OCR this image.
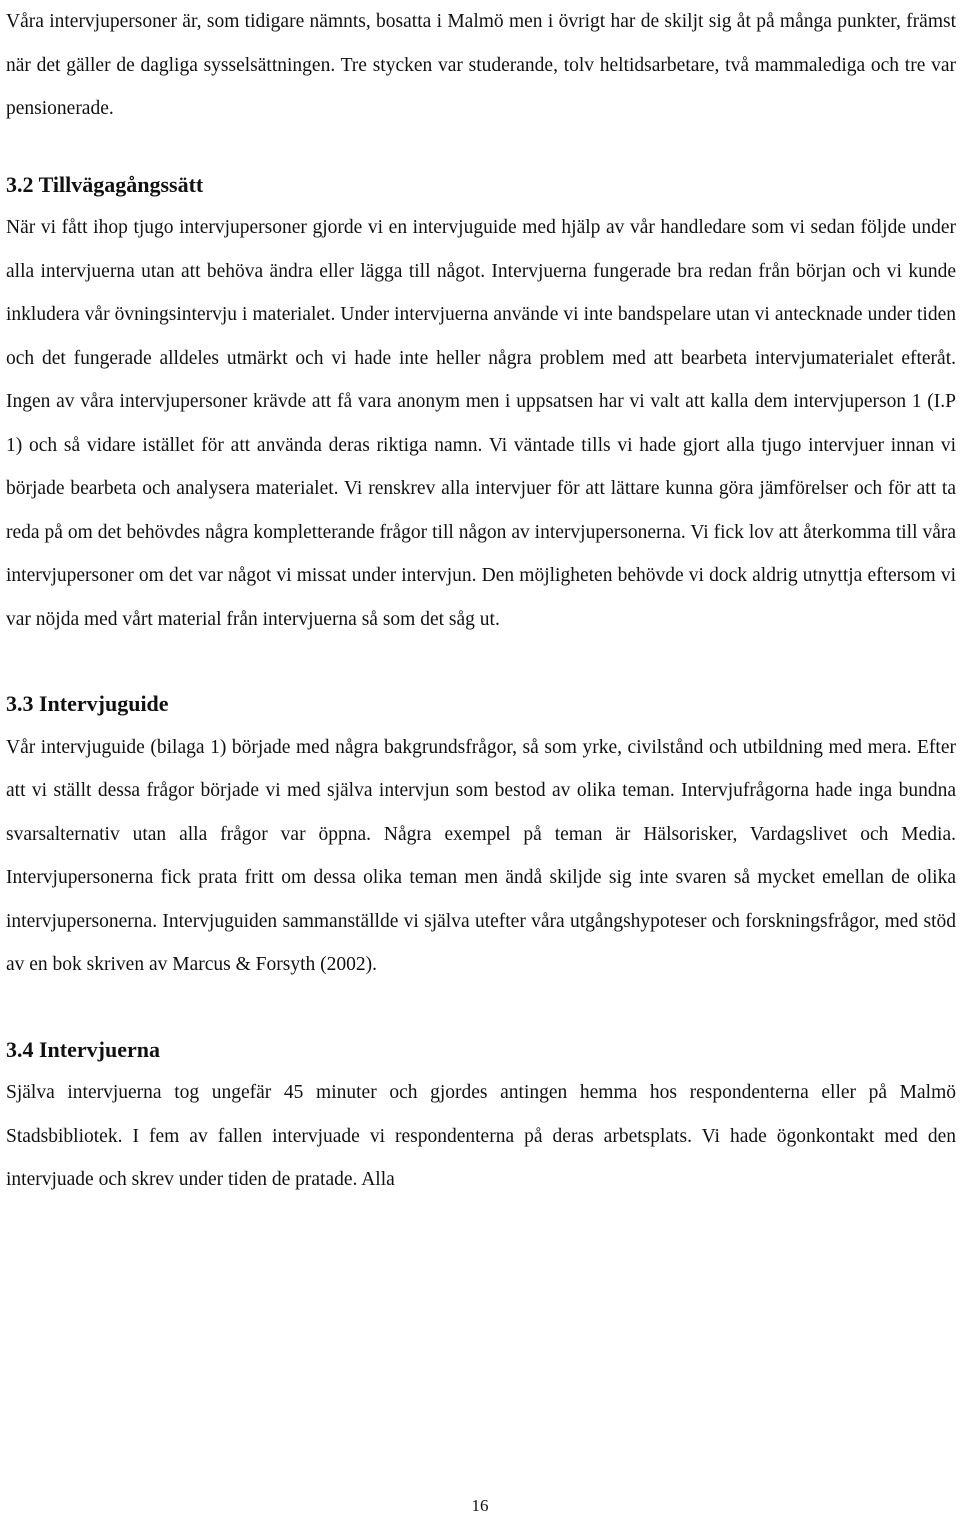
Våra intervjupersoner är, som tidigare nämnts, bosatta i Malmö men i övrigt har de skiljt sig åt på många punkter, främst när det gäller de dagliga sysselsättningen. Tre stycken var studerande, tolv heltidsarbetare, två mammalediga och tre var pensionerade.

3.2 Tillvägagångssätt

När vi fått ihop tjugo intervjupersoner gjorde vi en intervjuguide med hjälp av vår handledare som vi sedan följde under alla intervjuerna utan att behöva ändra eller lägga till något. Intervjuerna fungerade bra redan från början och vi kunde inkludera vår övningsintervju i materialet. Under intervjuerna använde vi inte bandspelare utan vi antecknade under tiden och det fungerade alldeles utmärkt och vi hade inte heller några problem med att bearbeta intervjumaterialet efteråt. Ingen av våra intervjupersoner krävde att få vara anonym men i uppsatsen har vi valt att kalla dem intervjuperson 1 (I.P 1) och så vidare istället för att använda deras riktiga namn. Vi väntade tills vi hade gjort alla tjugo intervjuer innan vi började bearbeta och analysera materialet. Vi renskrev alla intervjuer för att lättare kunna göra jämförelser och för att ta reda på om det behövdes några kompletterande frågor till någon av intervjupersonerna. Vi fick lov att återkomma till våra intervjupersoner om det var något vi missat under intervjun. Den möjligheten behövde vi dock aldrig utnyttja eftersom vi var nöjda med vårt material från intervjuerna så som det såg ut.

3.3 Intervjuguide

Vår intervjuguide (bilaga 1) började med några bakgrundsfrågor, så som yrke, civilstånd och utbildning med mera. Efter att vi ställt dessa frågor började vi med själva intervjun som bestod av olika teman. Intervjufrågorna hade inga bundna svarsalternativ utan alla frågor var öppna. Några exempel på teman är Hälsorisker, Vardagslivet och Media. Intervjupersonerna fick prata fritt om dessa olika teman men ändå skiljde sig inte svaren så mycket emellan de olika intervjupersonerna. Intervjuguiden sammanställde vi själva utefter våra utgångshypoteser och forskningsfrågor, med stöd av en bok skriven av Marcus & Forsyth (2002).

3.4 Intervjuerna

Själva intervjuerna tog ungefär 45 minuter och gjordes antingen hemma hos respondenterna eller på Malmö Stadsbibliotek. I fem av fallen intervjuade vi respondenterna på deras arbetsplats. Vi hade ögonkontakt med den intervjuade och skrev under tiden de pratade. Alla

16
